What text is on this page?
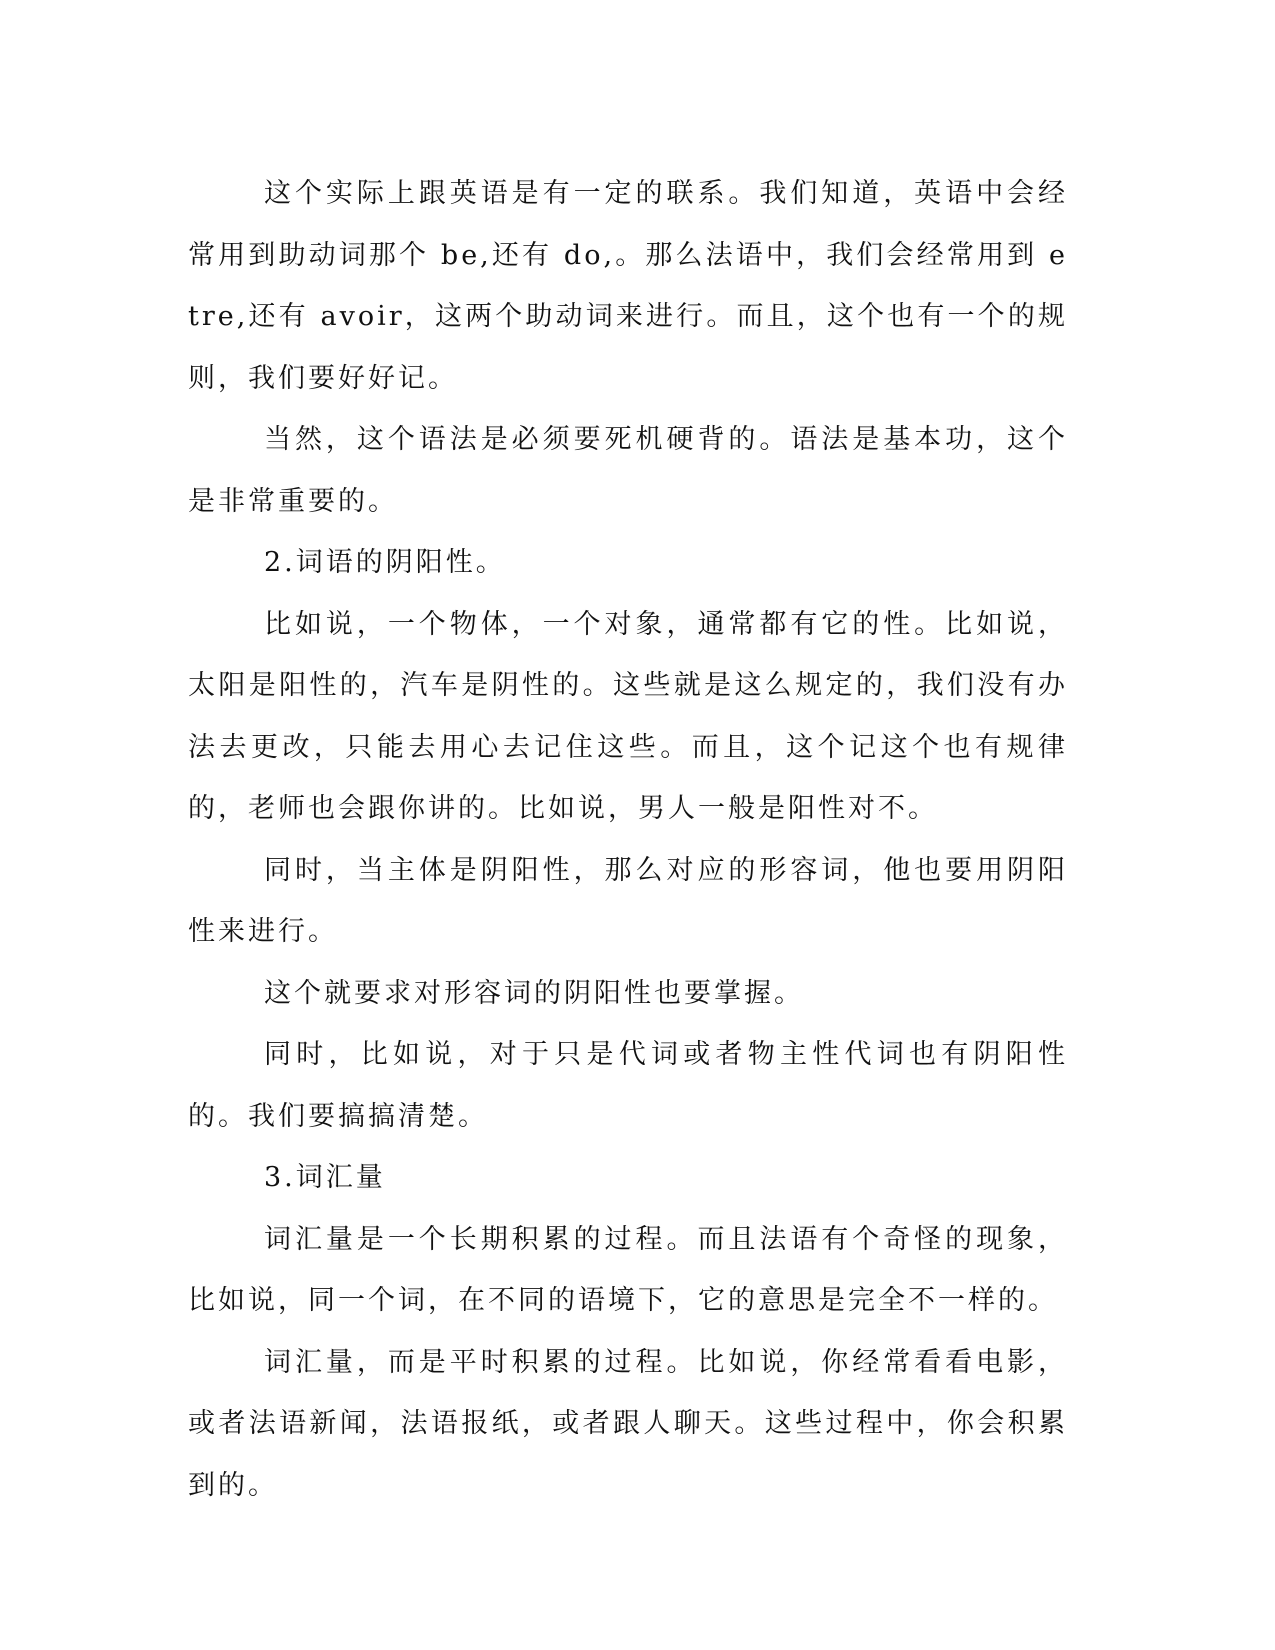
这个实际上跟英语是有一定的联系。我们知道，英语中会经常用到助动词那个 be,还有 do,。那么法语中，我们会经常用到 etre,还有 avoir，这两个助动词来进行。而且，这个也有一个的规则，我们要好好记。

当然，这个语法是必须要死机硬背的。语法是基本功，这个是非常重要的。

2.词语的阴阳性。

比如说，一个物体，一个对象，通常都有它的性。比如说，太阳是阳性的，汽车是阴性的。这些就是这么规定的，我们没有办法去更改，只能去用心去记住这些。而且，这个记这个也有规律的，老师也会跟你讲的。比如说，男人一般是阳性对不。

同时，当主体是阴阳性，那么对应的形容词，他也要用阴阳性来进行。

这个就要求对形容词的阴阳性也要掌握。

同时，比如说，对于只是代词或者物主性代词也有阴阳性的。我们要搞搞清楚。

3.词汇量

词汇量是一个长期积累的过程。而且法语有个奇怪的现象，比如说，同一个词，在不同的语境下，它的意思是完全不一样的。

词汇量，而是平时积累的过程。比如说，你经常看看电影，或者法语新闻，法语报纸，或者跟人聊天。这些过程中，你会积累到的。
